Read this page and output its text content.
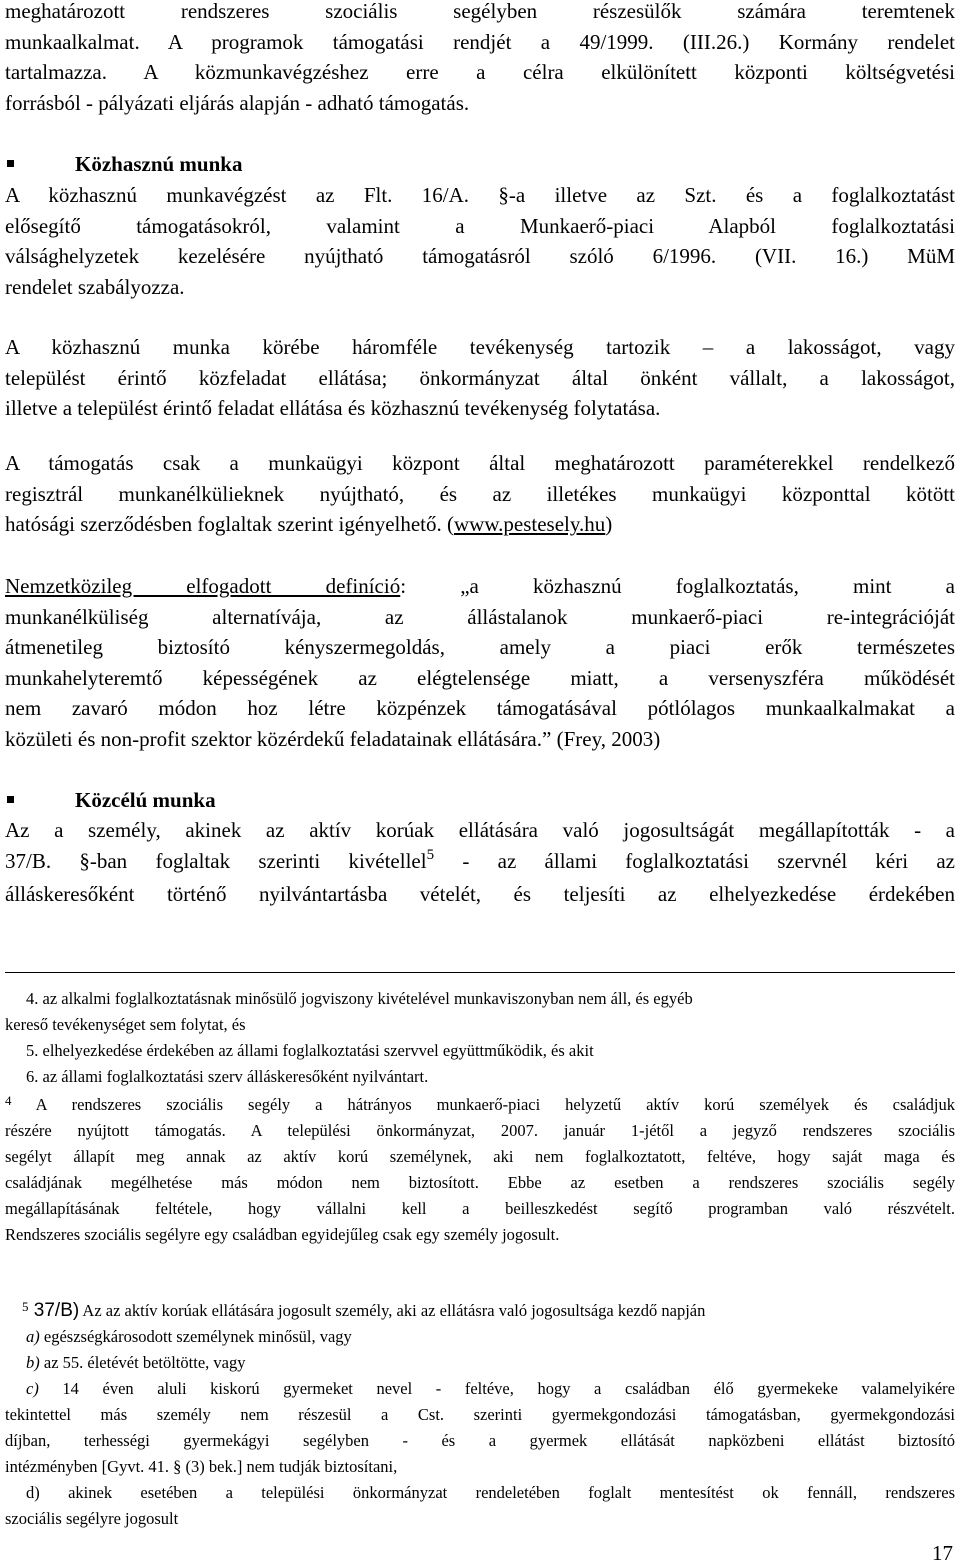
meghatározott rendszeres szociális segélyben részesülők számára teremtenek
munkaalkalmat. A programok támogatási rendjét a 49/1999. (III.26.) Kormány rendelet
tartalmazza. A közmunkavégzéshez erre a célra elkülönített központi költségvetési
forrásból - pályázati eljárás alapján - adható támogatás.
Közhasznú munka
A közhasznú munkavégzést az Flt. 16/A. §-a illetve az Szt. és a foglalkoztatást
elősegítő támogatásokról, valamint a Munkaerő-piaci Alapból foglalkoztatási
válsághelyzetek kezelésére nyújtható támogatásról szóló 6/1996. (VII. 16.) MüM
rendelet szabályozza.
A közhasznú munka körébe háromféle tevékenység tartozik – a lakosságot, vagy
települést érintő közfeladat ellátása; önkormányzat által önként vállalt, a lakosságot,
illetve a települést érintő feladat ellátása és közhasznú tevékenység folytatása.
A támogatás csak a munkaügyi központ által meghatározott paraméterekkel rendelkező
regisztrál munkanélkülieknek nyújtható, és az illetékes munkaügyi központtal kötött
hatósági szerződésben foglaltak szerint igényelhető. (www.pestesely.hu)
Nemzetközileg elfogadott definíció: „a közhasznú foglalkoztatás, mint a
munkanélküliség alternatívája, az állástalanok munkaerő-piaci re-integrációját
átmenetileg biztosító kényszermegoldás, amely a piaci erők természetes
munkahelyteremtő képességének az elégtelensége miatt, a versenyszféra működését
nem zavaró módon hoz létre közpénzek támogatásával pótlólagos munkaalkalmakat a
közületi és non-profit szektor közérdekű feladatainak ellátására.” (Frey, 2003)
Közcélú munka
Az a személy, akinek az aktív korúak ellátására való jogosultságát megállapították - a
37/B. §-ban foglaltak szerinti kivétellel$^5$ - az állami foglalkoztatási szervnél kéri az
álláskeresőként történő nyilvántartásba vételét, és teljesíti az elhelyezkedése érdekében
4. az alkalmi foglalkoztatásnak minősülő jogviszony kivételével munkaviszonyban nem áll, és egyéb
kereső tevékenységet sem folytat, és
5. elhelyezkedése érdekében az állami foglalkoztatási szervvel együttműködik, és akit
6. az állami foglalkoztatási szerv álláskeresőként nyilvántart.
$^4$ A rendszeres szociális segély a hátrányos munkaerő-piaci helyzetű aktív korú személyek és családjuk
részére nyújtott támogatás. A települési önkormányzat, 2007. január 1-jétől a jegyző rendszeres szociális
segélyt állapít meg annak az aktív korú személynek, aki nem foglalkoztatott, feltéve, hogy saját maga és
családjának megélhetése más módon nem biztosított. Ebbe az esetben a rendszeres szociális segély
megállapításának feltétele, hogy vállalni kell a beilleszkedést segítő programban való részvételt.
Rendszeres szociális segélyre egy családban egyidejűleg csak egy személy jogosult.
$^5$ 37/B) Az az aktív korúak ellátására jogosult személy, aki az ellátásra való jogosultsága kezdő napján
a) egészségkárosodott személynek minősül, vagy
b) az 55. életévét betöltötte, vagy
c) 14 éven aluli kiskorú gyermeket nevel - feltéve, hogy a családban élő gyermekeke valamelyikére
tekintettel más személy nem részesül a Cst. szerinti gyermekgondozási támogatásban, gyermekgondozási
díjban, terhességi gyermekágyi segélyben - és a gyermek ellátását napközbeni ellátást biztosító
intézményben [Gyvt. 41. § (3) bek.] nem tudják biztosítani,
d) akinek esetében a települési önkormányzat rendeletében foglalt mentesítést ok fennáll, rendszeres
szociális segélyre jogosult
17
